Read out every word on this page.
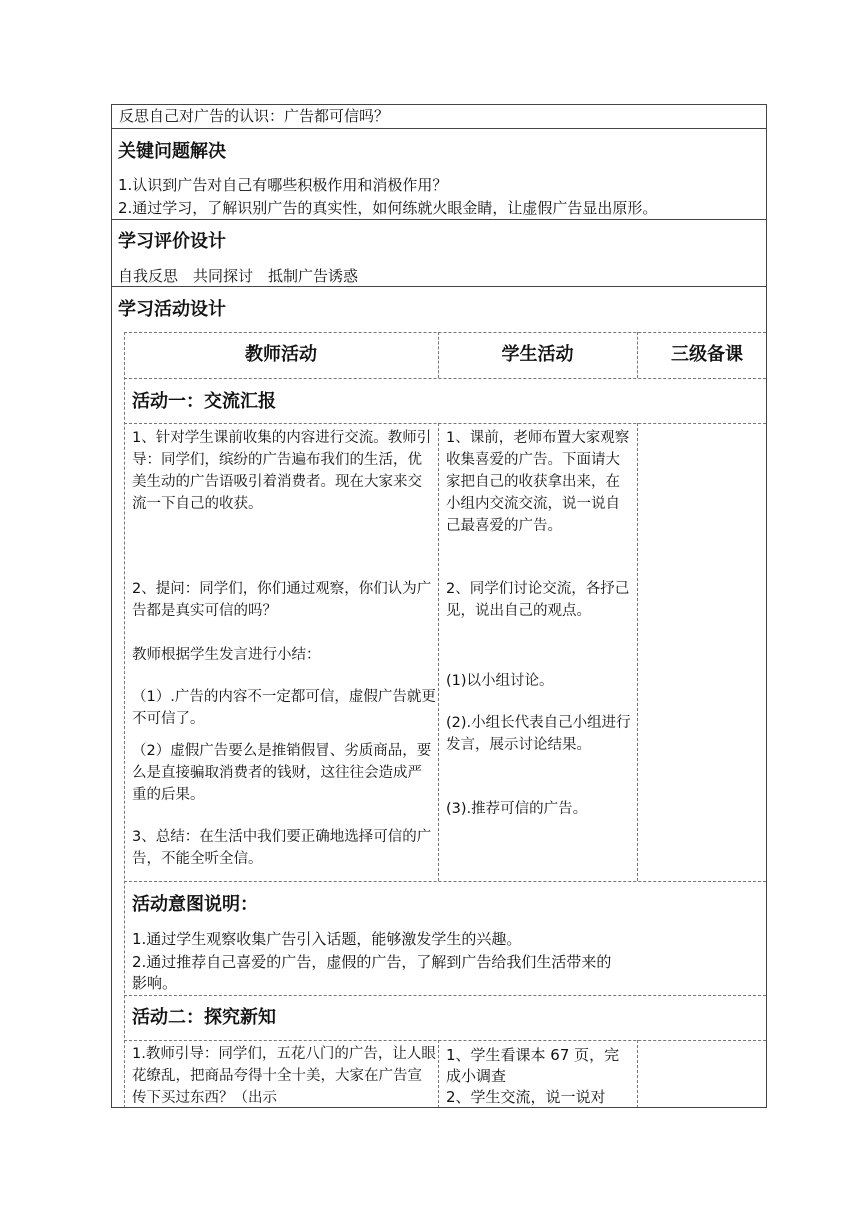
反思自己对广告的认识：广告都可信吗？
关键问题解决
1.认识到广告对自己有哪些积极作用和消极作用？
2.通过学习，了解识别广告的真实性，如何练就火眼金睛，让虚假广告显出原形。
学习评价设计
自我反思　共同探讨　抵制广告诱惑
学习活动设计
教师活动	学生活动	三级备课
活动一：交流汇报
1、针对学生课前收集的内容进行交流。教师引导：同学们，缤纷的广告遍布我们的生活，优美生动的广告语吸引着消费者。现在大家来交流一下自己的收获。
2、提问：同学们，你们通过观察，你们认为广告都是真实可信的吗？
教师根据学生发言进行小结：
（1）.广告的内容不一定都可信，虚假广告就更不可信了。
（2）虚假广告要么是推销假冒、劣质商品，要么是直接骗取消费者的钱财，这往往会造成严重的后果。
3、总结：在生活中我们要正确地选择可信的广告，不能全听全信。
1、课前，老师布置大家观察收集喜爱的广告。下面请大家把自己的收获拿出来，在小组内交流交流，说一说自己最喜爱的广告。
2、同学们讨论交流，各抒己见，说出自己的观点。
(1)以小组讨论。
(2).小组长代表自己小组进行发言，展示讨论结果。
(3).推荐可信的广告。
活动意图说明：
1.通过学生观察收集广告引入话题，能够激发学生的兴趣。
2.通过推荐自己喜爱的广告，虚假的广告，了解到广告给我们生活带来的
影响。
活动二：探究新知
1.教师引导：同学们，五花八门的广告，让人眼花缭乱，把商品夸得十全十美，大家在广告宣传下买过东西？（出示
1、学生看课本 67 页，完
成小调查
2、学生交流，说一说对
